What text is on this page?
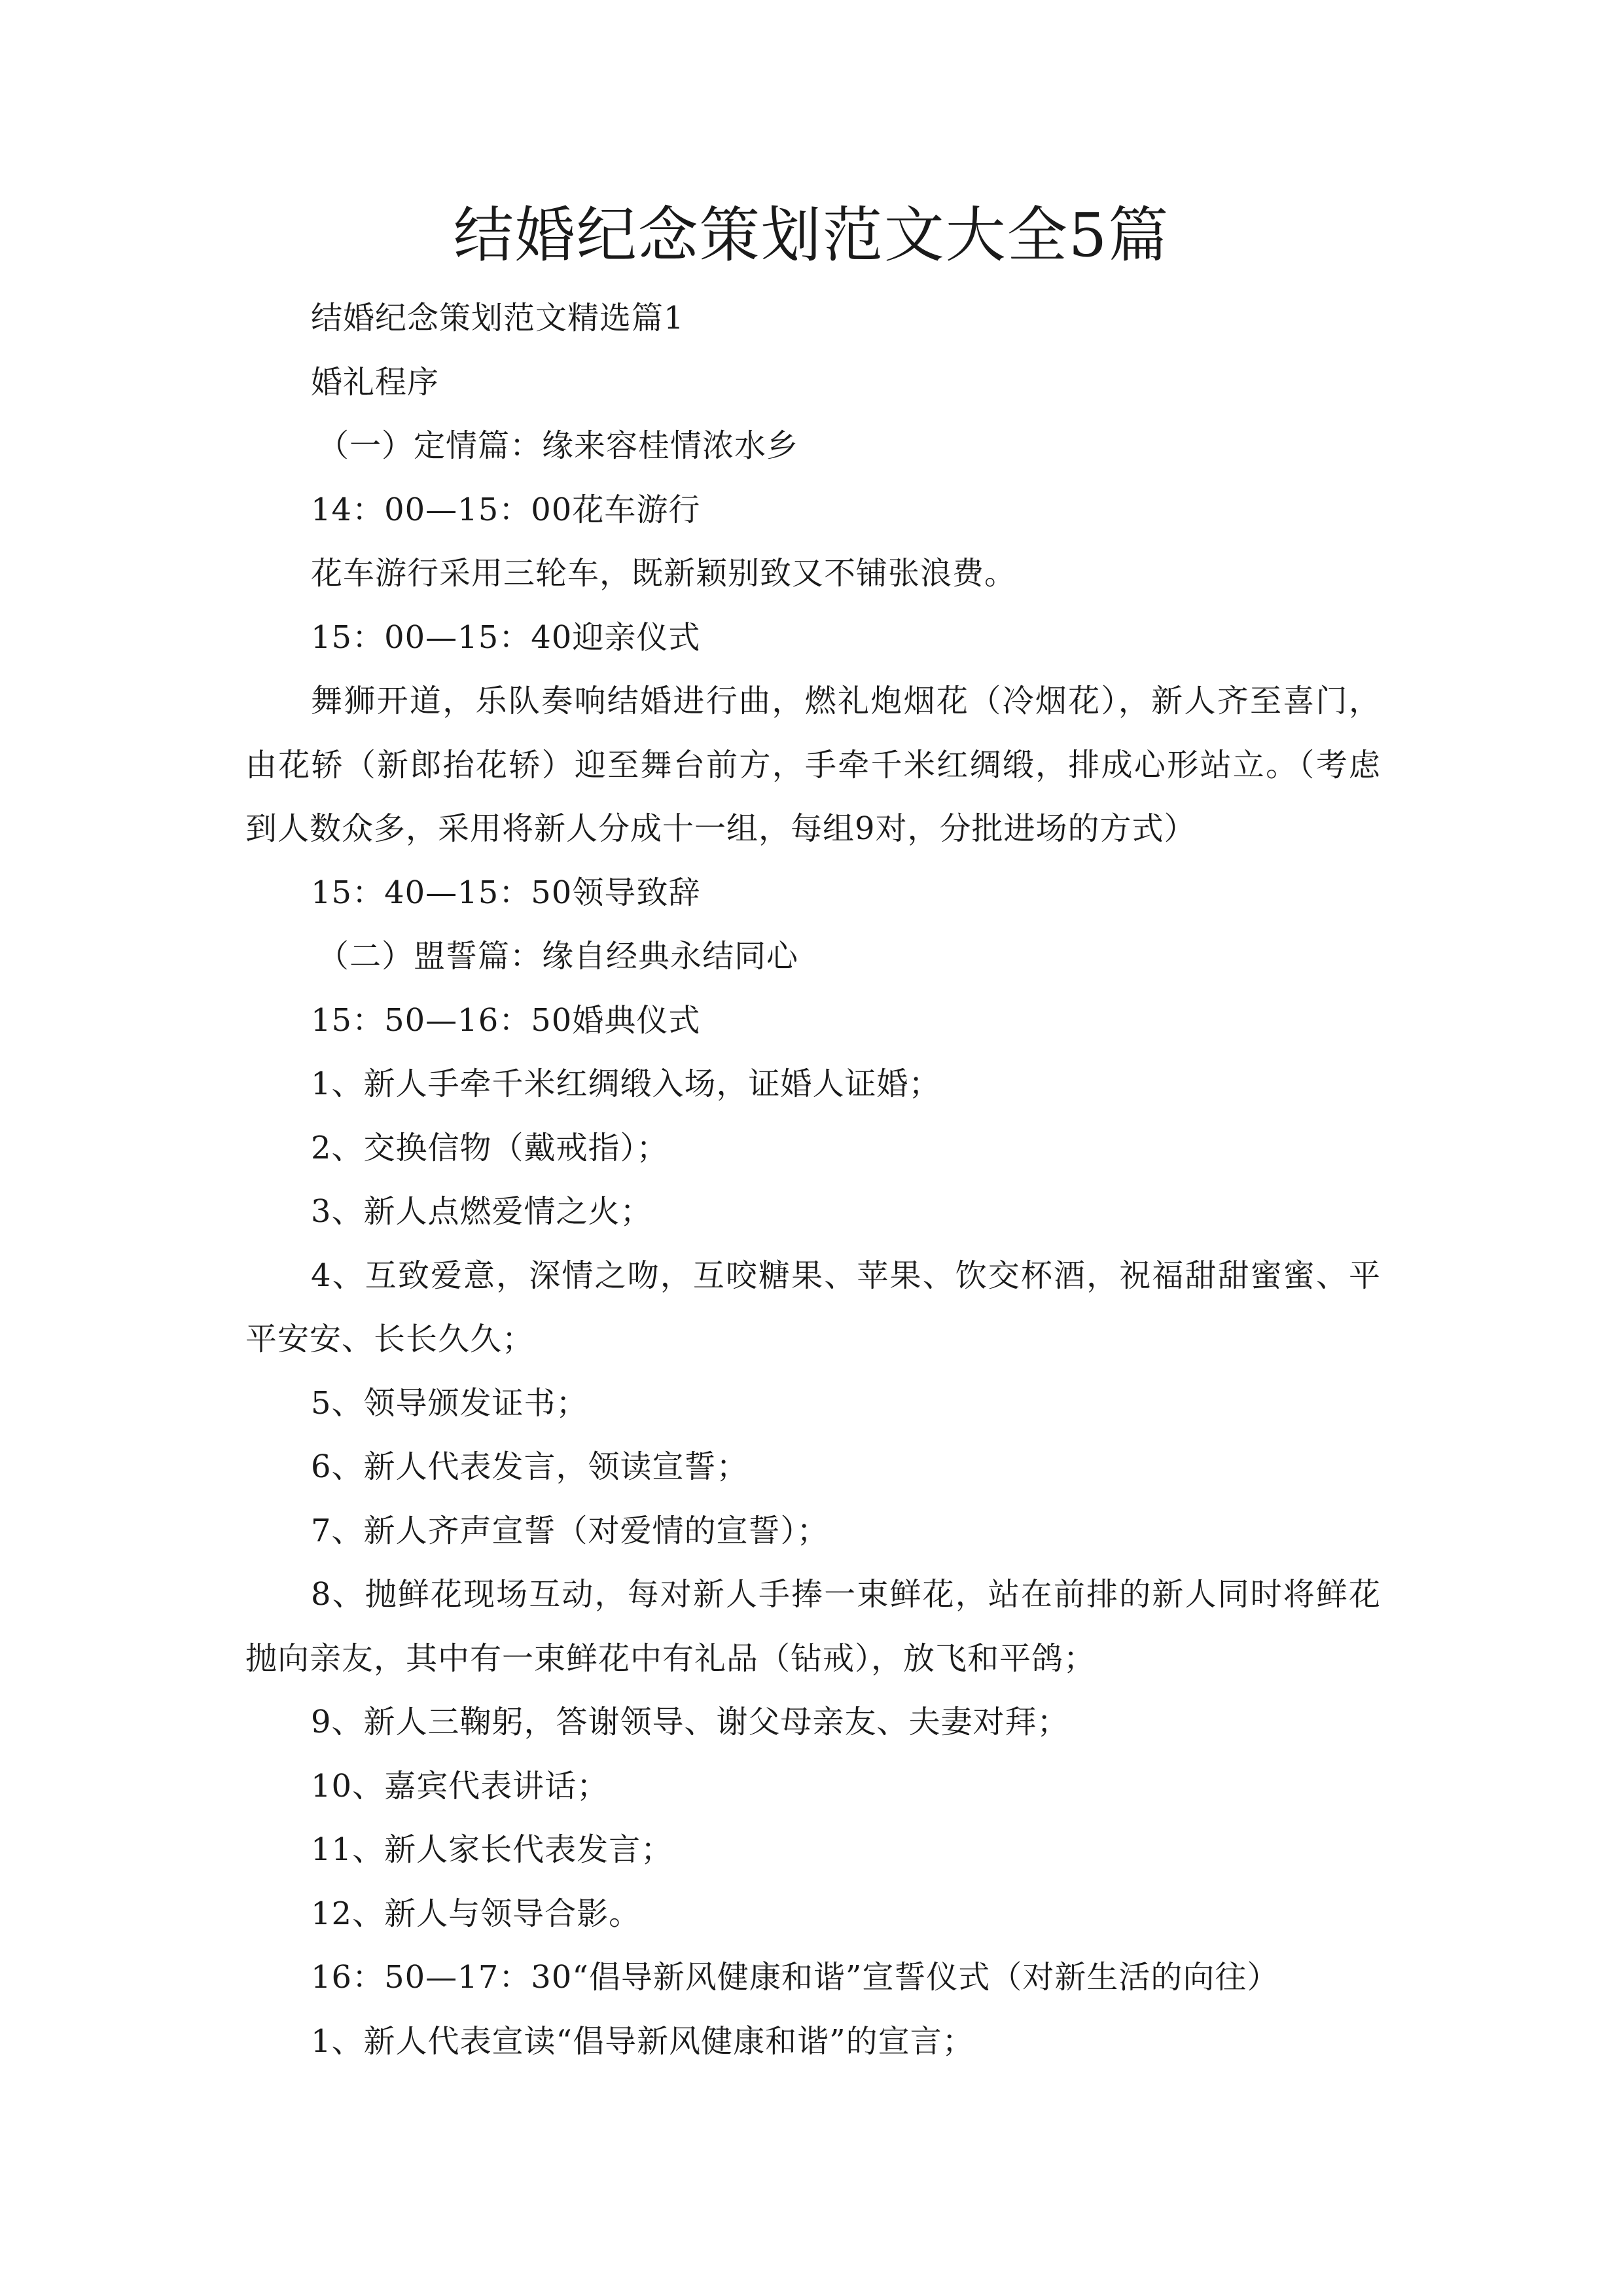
结婚纪念策划范文大全5篇

结婚纪念策划范文精选篇1

婚礼程序

（一）定情篇：缘来容桂情浓水乡

14：00—15：00花车游行

花车游行采用三轮车，既新颖别致又不铺张浪费。

15：00—15：40迎亲仪式

舞狮开道，乐队奏响结婚进行曲，燃礼炮烟花（冷烟花），新人齐至喜门，由花轿（新郎抬花轿）迎至舞台前方，手牵千米红绸缎，排成心形站立。（考虑到人数众多，采用将新人分成十一组，每组9对，分批进场的方式）

15：40—15：50领导致辞

（二）盟誓篇：缘自经典永结同心

15：50—16：50婚典仪式

1、新人手牵千米红绸缎入场，证婚人证婚；

2、交换信物（戴戒指）；

3、新人点燃爱情之火；

4、互致爱意，深情之吻，互咬糖果、苹果、饮交杯酒，祝福甜甜蜜蜜、平平安安、长长久久；

5、领导颁发证书；

6、新人代表发言，领读宣誓；

7、新人齐声宣誓（对爱情的宣誓）；

8、抛鲜花现场互动，每对新人手捧一束鲜花，站在前排的新人同时将鲜花抛向亲友，其中有一束鲜花中有礼品（钻戒），放飞和平鸽；

9、新人三鞠躬，答谢领导、谢父母亲友、夫妻对拜；

10、嘉宾代表讲话；

11、新人家长代表发言；

12、新人与领导合影。

16：50—17：30“倡导新风健康和谐”宣誓仪式（对新生活的向往）

1、新人代表宣读“倡导新风健康和谐”的宣言；
